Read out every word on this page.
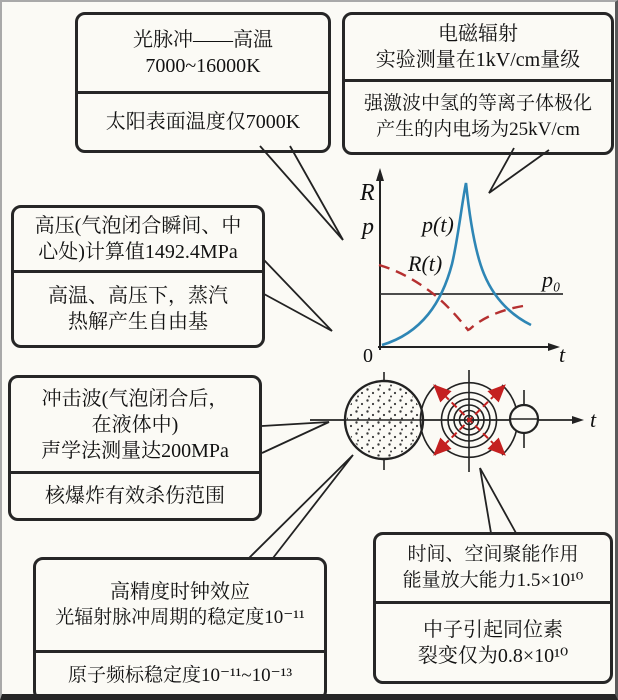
R
p p(t)
R(t)
p₀
0	t
t
光脉冲——高温
7000~16000K
太阳表面温度仅7000K
电磁辐射
实验测量在1kV/cm量级
强激波中氢的等离子体极化
产生的内电场为25kV/cm
高压(气泡闭合瞬间、中
心处)计算值1492.4MPa
高温、高压下，蒸汽
热解产生自由基
冲击波(气泡闭合后，
在液体中)
声学法测量达200MPa
核爆炸有效杀伤范围
高精度时钟效应
光辐射脉冲周期的稳定度10⁻¹¹
原子频标稳定度10⁻¹¹~10⁻¹³
时间、空间聚能作用
能量放大能力1.5×10¹⁰
中子引起同位素
裂变仅为0.8×10¹⁰
